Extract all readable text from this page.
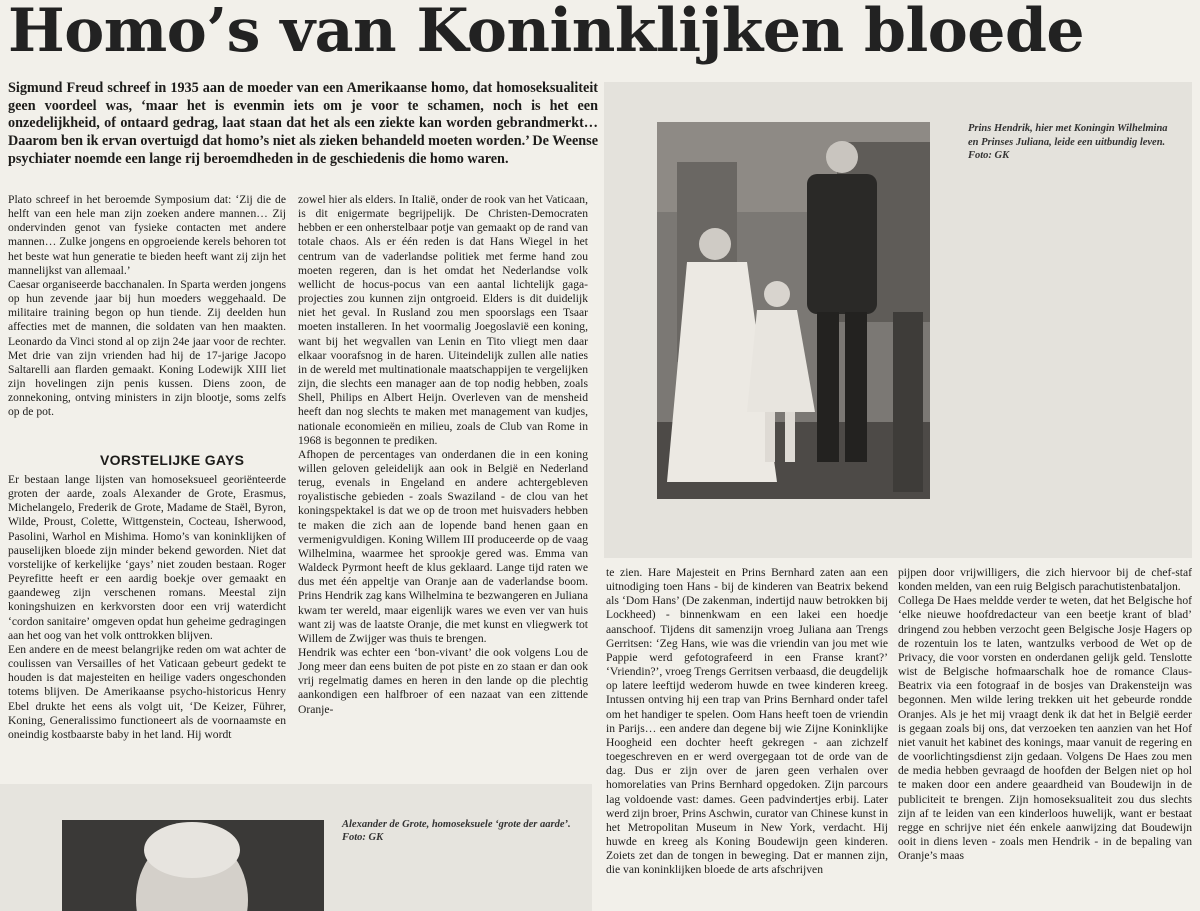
Homo’s van Koninklijken bloede
Sigmund Freud schreef in 1935 aan de moeder van een Amerikaanse homo, dat homoseksualiteit geen voordeel was, ‘maar het is evenmin iets om je voor te schamen, noch is het een onzedelijkheid, of ontaard gedrag, laat staan dat het als een ziekte kan worden gebrandmerkt… Daarom ben ik ervan overtuigd dat homo’s niet als zieken behandeld moeten worden.’ De Weense psychiater noemde een lange rij beroemdheden in de geschiedenis die homo waren.

Plato schreef in het beroemde Symposium dat: ‘Zij die de helft van een hele man zijn zoeken andere mannen… Zij ondervinden genot van fysieke contacten met andere mannen… Zulke jongens en opgroeiende kerels behoren tot het beste wat hun generatie te bieden heeft want zij zijn het mannelijkst van allemaal.’

Caesar organiseerde bacchanalen. In Sparta werden jongens op hun zevende jaar bij hun moeders weggehaald. De militaire training begon op hun tiende. Zij deelden hun affecties met de mannen, die soldaten van hen maakten. Leonardo da Vinci stond al op zijn 24e jaar voor de rechter. Met drie van zijn vrienden had hij de 17-jarige Jacopo Saltarelli aan flarden gemaakt. Koning Lodewijk XIII liet zijn hovelingen zijn penis kussen. Diens zoon, de zonnekoning, ontving ministers in zijn blootje, soms zelfs op de pot.

VORSTELIJKE GAYS

Er bestaan lange lijsten van homoseksueel georiënteerde groten der aarde, zoals Alexander de Grote, Erasmus, Michelangelo, Frederik de Grote, Madame de Staël, Byron, Wilde, Proust, Colette, Wittgenstein, Cocteau, Isherwood, Pasolini, Warhol en Mishima. Homo’s van koninklijken of pauselijken bloede zijn minder bekend geworden. Niet dat vorstelijke of kerkelijke ‘gays’ niet zouden bestaan. Roger Peyrefitte heeft er een aardig boekje over gemaakt en gaandeweg zijn verschenen romans. Meestal zijn koningshuizen en kerkvorsten door een vrij waterdicht ‘cordon sanitaire’ omgeven opdat hun geheime gedragingen aan het oog van het volk onttrokken blijven.

Een andere en de meest belangrijke reden om wat achter de coulissen van Versailles of het Vaticaan gebeurt gedekt te houden is dat majesteiten en heilige vaders ongeschonden totems blijven. De Amerikaanse psycho-historicus Henry Ebel drukte het eens als volgt uit, ‘De Keizer, Führer, Koning, Generalissimo functioneert als de voornaamste en oneindig kostbaarste baby in het land. Hij wordt

zowel hier als elders. In Italië, onder de rook van het Vaticaan, is dit enigermate begrijpelijk. De Christen-Democraten hebben er een onherstelbaar potje van gemaakt op de rand van totale chaos. Als er één reden is dat Hans Wiegel in het centrum van de vaderlandse politiek met ferme hand zou moeten regeren, dan is het omdat het Nederlandse volk wellicht de hocus-pocus van een aantal lichtelijk gaga-projecties zou kunnen zijn ontgroeid. Elders is dit duidelijk niet het geval. In Rusland zou men spoorslags een Tsaar moeten installeren. In het voormalig Joegoslavië een koning, want bij het wegvallen van Lenin en Tito vliegt men daar elkaar voorafsnog in de haren. Uiteindelijk zullen alle naties in de wereld met multinationale maatschappijen te vergelijken zijn, die slechts een manager aan de top nodig hebben, zoals Shell, Philips en Albert Heijn. Overleven van de mensheid heeft dan nog slechts te maken met management van kudjes, nationale economieën en milieu, zoals de Club van Rome in 1968 is begonnen te prediken.

Afhopen de percentages van onderdanen die in een koning willen geloven geleidelijk aan ook in België en Nederland terug, evenals in Engeland en andere achtergebleven royalistische gebieden - zoals Swaziland - de clou van het koningspektakel is dat we op de troon met huisvaders hebben te maken die zich aan de lopende band henen gaan en vermenigvuldigen. Koning Willem III produceerde op de vaag Wilhelmina, waarmee het sprookje gered was. Emma van Waldeck Pyrmont heeft de klus geklaard. Lange tijd raten we dus met één appeltje van Oranje aan de vaderlandse boom. Prins Hendrik zag kans Wilhelmina te bezwangeren en Juliana kwam ter wereld, maar eigenlijk wares we even ver van huis want zij was de laatste Oranje, die met kunst en vliegwerk tot Willem de Zwijger was thuis te brengen.

Hendrik was echter een ‘bon-vivant’ die ook volgens Lou de Jong meer dan eens buiten de pot piste en zo staan er dan ook vrij regelmatig dames en heren in den lande op die plechtig aankondigen een halfbroer of een nazaat van een zittende Oranje-

Prins Hendrik, hier met Koningin Wilhelmina en Prinses Juliana, leide een uitbundig leven. Foto: GK

te zien. Hare Majesteit en Prins Bernhard zaten aan een uitnodiging toen Hans - bij de kinderen van Beatrix bekend als ‘Dom Hans’ (De zakenman, indertijd nauw betrokken bij Lockheed) - binnenkwam en een lakei een hoedje aanschoof. Tijdens dit samenzijn vroeg Juliana aan Trengs Gerritsen: ‘Zeg Hans, wie was die vriendin van jou met wie Pappie werd gefotografeerd in een Franse krant?’ ‘Vriendin?’, vroeg Trengs Gerritsen verbaasd, die deugdelijk op latere leeftijd wederom huwde en twee kinderen kreeg. Intussen ontving hij een trap van Prins Bernhard onder tafel om het handiger te spelen. Oom Hans heeft toen de vriendin in Parijs… een andere dan degene bij wie Zijne Koninklijke Hoogheid een dochter heeft gekregen - aan zichzelf toegeschreven en er werd overgegaan tot de orde van de dag. Dus er zijn over de jaren geen verhalen over homorelaties van Prins Bernhard opgedoken. Zijn parcours lag voldoende vast: dames. Geen padvindertjes erbij. Later werd zijn broer, Prins Aschwin, curator van Chinese kunst in het Metropolitan Museum in New York, verdacht. Hij huwde en kreeg als Koning Boudewijn geen kinderen. Zoiets zet dan de tongen in beweging. Dat er mannen zijn, die van koninklijken bloede de arts afschrijven

pijpen door vrijwilligers, die zich hiervoor bij de chef-staf konden melden, van een ruig Belgisch parachutistenbataljon.

Collega De Haes meldde verder te weten, dat het Belgische hof ‘elke nieuwe hoofdredacteur van een beetje krant of blad’ dringend zou hebben verzocht geen Belgische Josje Hagers op de rozentuin los te laten, wantzulks verbood de Wet op de Privacy, die voor vorsten en onderdanen gelijk geld. Tenslotte wist de Belgische hofmaarschalk hoe de romance Claus-Beatrix via een fotograaf in de bosjes van Drakensteijn was begonnen. Men wilde lering trekken uit het gebeurde rondde Oranjes. Als je het mij vraagt denk ik dat het in België eerder is gegaan zoals bij ons, dat verzoeken ten aanzien van het Hof niet vanuit het kabinet des konings, maar vanuit de regering en de voorlichtingsdienst zijn gedaan. Volgens De Haes zou men de media hebben gevraagd de hoofden der Belgen niet op hol te maken door een andere geaardheid van Boudewijn in de publiciteit te brengen. Zijn homoseksualiteit zou dus slechts zijn af te leiden van een kinderloos huwelijk, want er bestaat regge en schrijve niet één enkele aanwijzing dat Boudewijn ooit in diens leven - zoals men Hendrik - in de bepaling van Oranje’s maas

Alexander de Grote, homoseksuele ‘grote der aarde’. Foto: GK
